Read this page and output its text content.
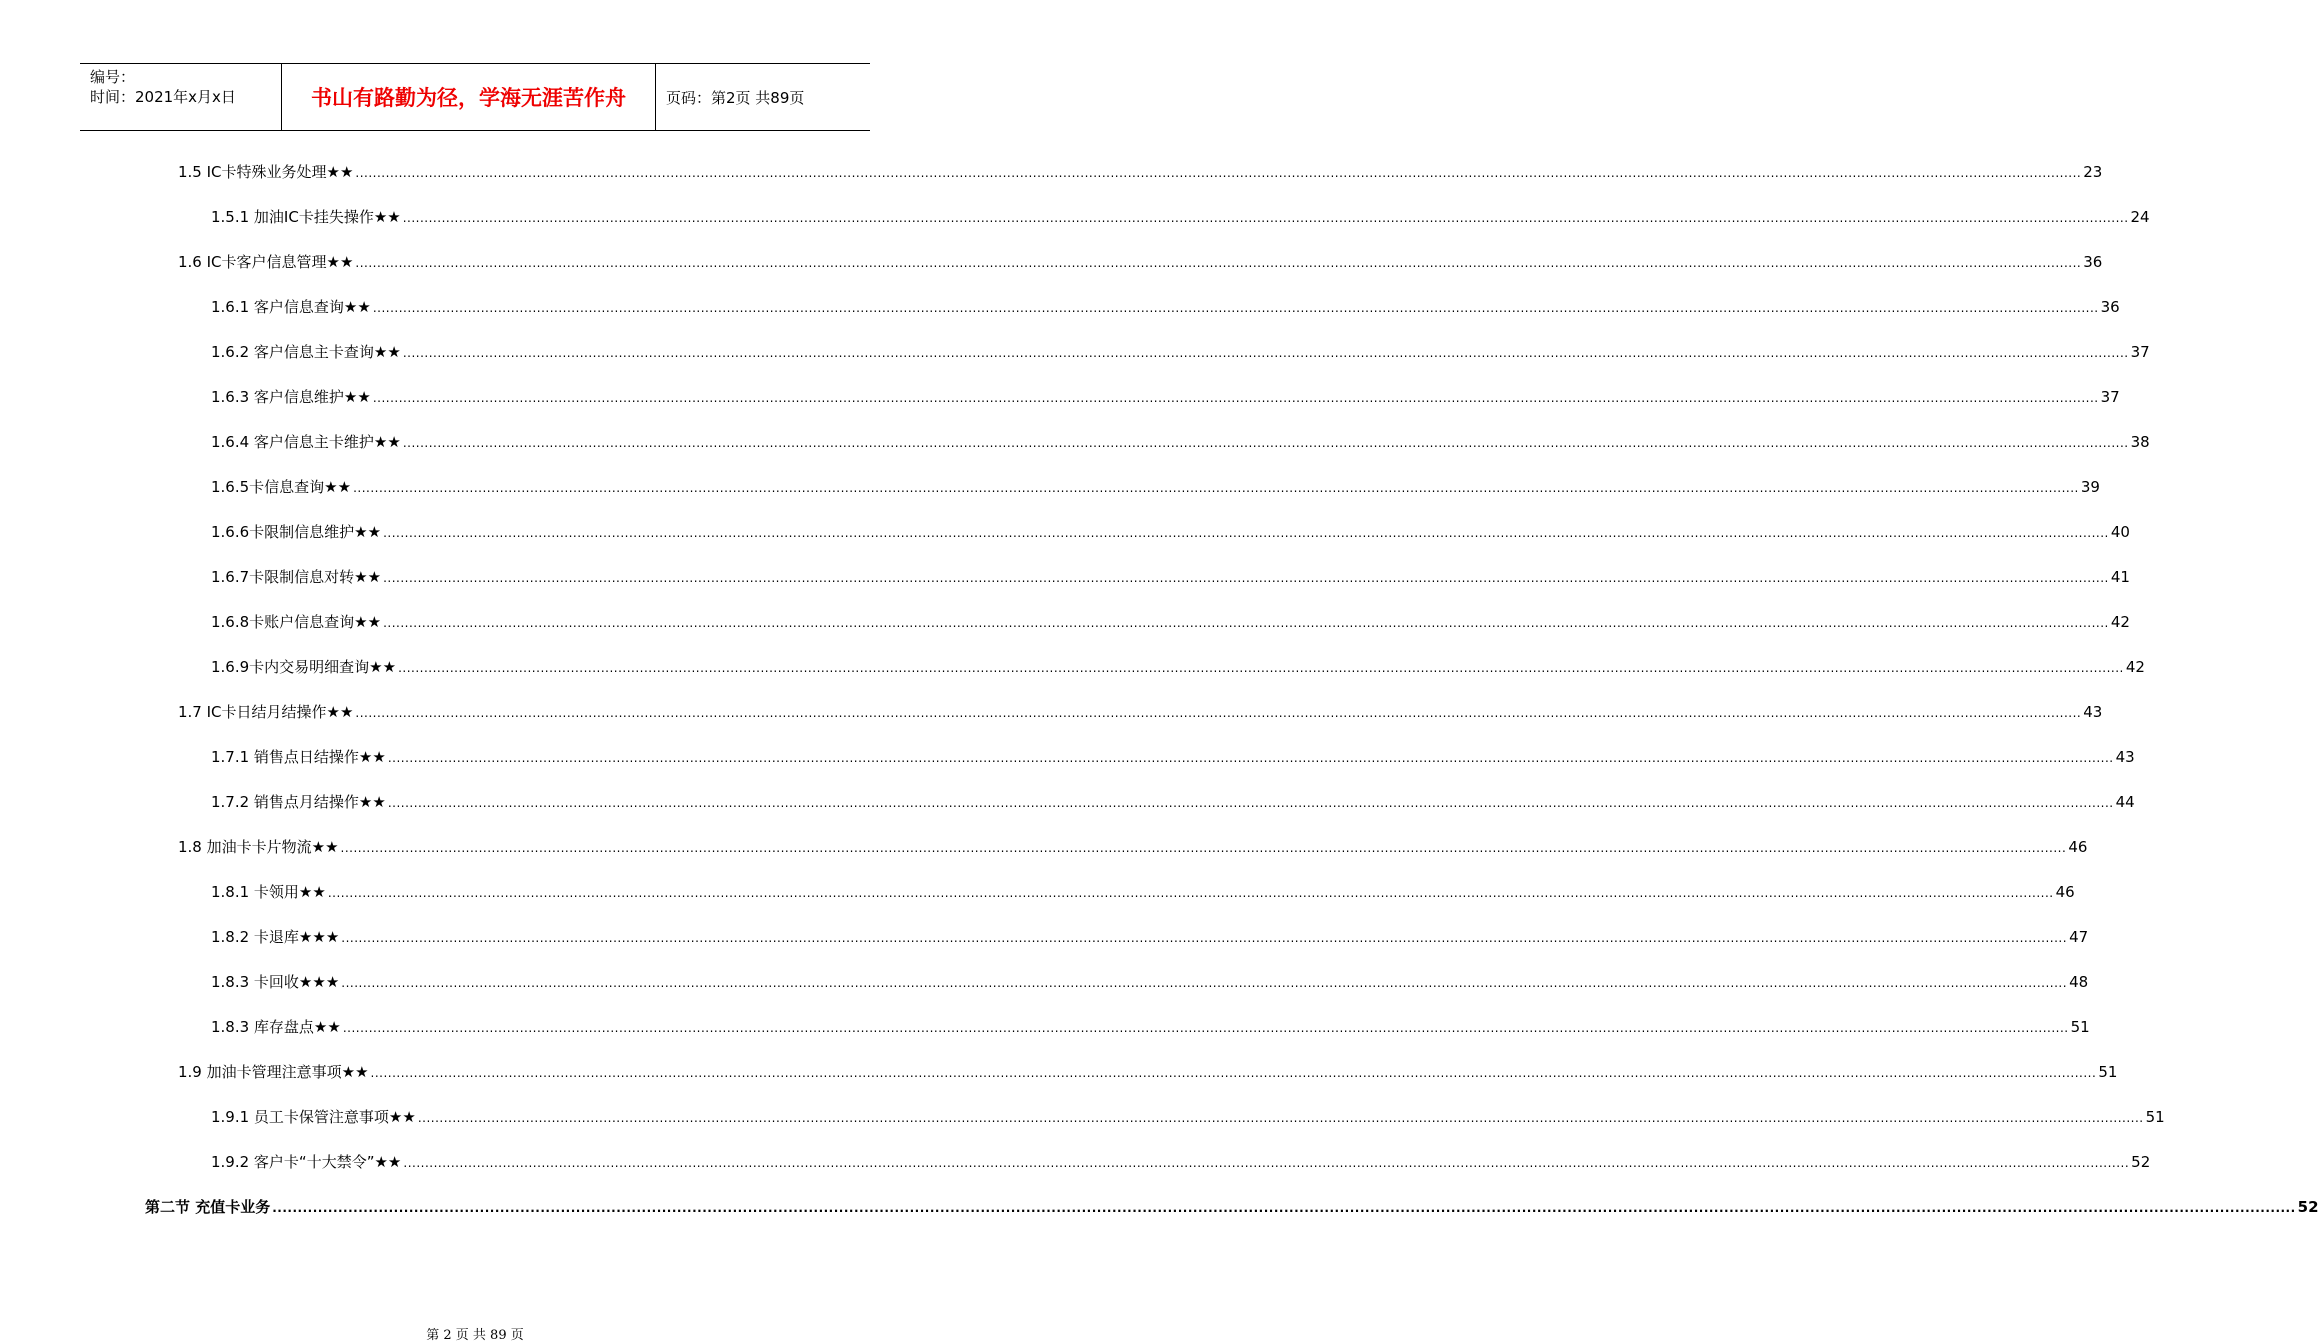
编号：
时间：2021年x月x日	书山有路勤为径，学海无涯苦作舟	页码：第2页 共89页
1.5 IC卡特殊业务处理★★ ................................................................................................................................................................................................................................................................................................................................................................................................................ 23
1.5.1 加油IC卡挂失操作★★ ................................................................................................................................................................................................................................................................................................................................................................................................................ 24
1.6 IC卡客户信息管理★★ ................................................................................................................................................................................................................................................................................................................................................................................................................ 36
1.6.1 客户信息查询★★ ................................................................................................................................................................................................................................................................................................................................................................................................................ 36
1.6.2 客户信息主卡查询★★ ................................................................................................................................................................................................................................................................................................................................................................................................................ 37
1.6.3 客户信息维护★★ ................................................................................................................................................................................................................................................................................................................................................................................................................ 37
1.6.4 客户信息主卡维护★★ ................................................................................................................................................................................................................................................................................................................................................................................................................ 38
1.6.5卡信息查询★★ ................................................................................................................................................................................................................................................................................................................................................................................................................ 39
1.6.6卡限制信息维护★★ ................................................................................................................................................................................................................................................................................................................................................................................................................ 40
1.6.7卡限制信息对转★★ ................................................................................................................................................................................................................................................................................................................................................................................................................ 41
1.6.8卡账户信息查询★★ ................................................................................................................................................................................................................................................................................................................................................................................................................ 42
1.6.9卡内交易明细查询★★ ................................................................................................................................................................................................................................................................................................................................................................................................................ 42
1.7 IC卡日结月结操作★★ ................................................................................................................................................................................................................................................................................................................................................................................................................ 43
1.7.1 销售点日结操作★★ ................................................................................................................................................................................................................................................................................................................................................................................................................ 43
1.7.2 销售点月结操作★★ ................................................................................................................................................................................................................................................................................................................................................................................................................ 44
1.8 加油卡卡片物流★★ ................................................................................................................................................................................................................................................................................................................................................................................................................ 46
1.8.1 卡领用★★ ................................................................................................................................................................................................................................................................................................................................................................................................................ 46
1.8.2 卡退库★★★ ................................................................................................................................................................................................................................................................................................................................................................................................................ 47
1.8.3 卡回收★★★ ................................................................................................................................................................................................................................................................................................................................................................................................................ 48
1.8.3 库存盘点★★ ................................................................................................................................................................................................................................................................................................................................................................................................................ 51
1.9 加油卡管理注意事项★★ ................................................................................................................................................................................................................................................................................................................................................................................................................ 51
1.9.1 员工卡保管注意事项★★ ................................................................................................................................................................................................................................................................................................................................................................................................................ 51
1.9.2 客户卡“十大禁令”★★ ................................................................................................................................................................................................................................................................................................................................................................................................................ 52
第二节 充值卡业务 ................................................................................................................................................................................................................................................................................................................................................................................................................ 52
第 2 页 共 89 页
